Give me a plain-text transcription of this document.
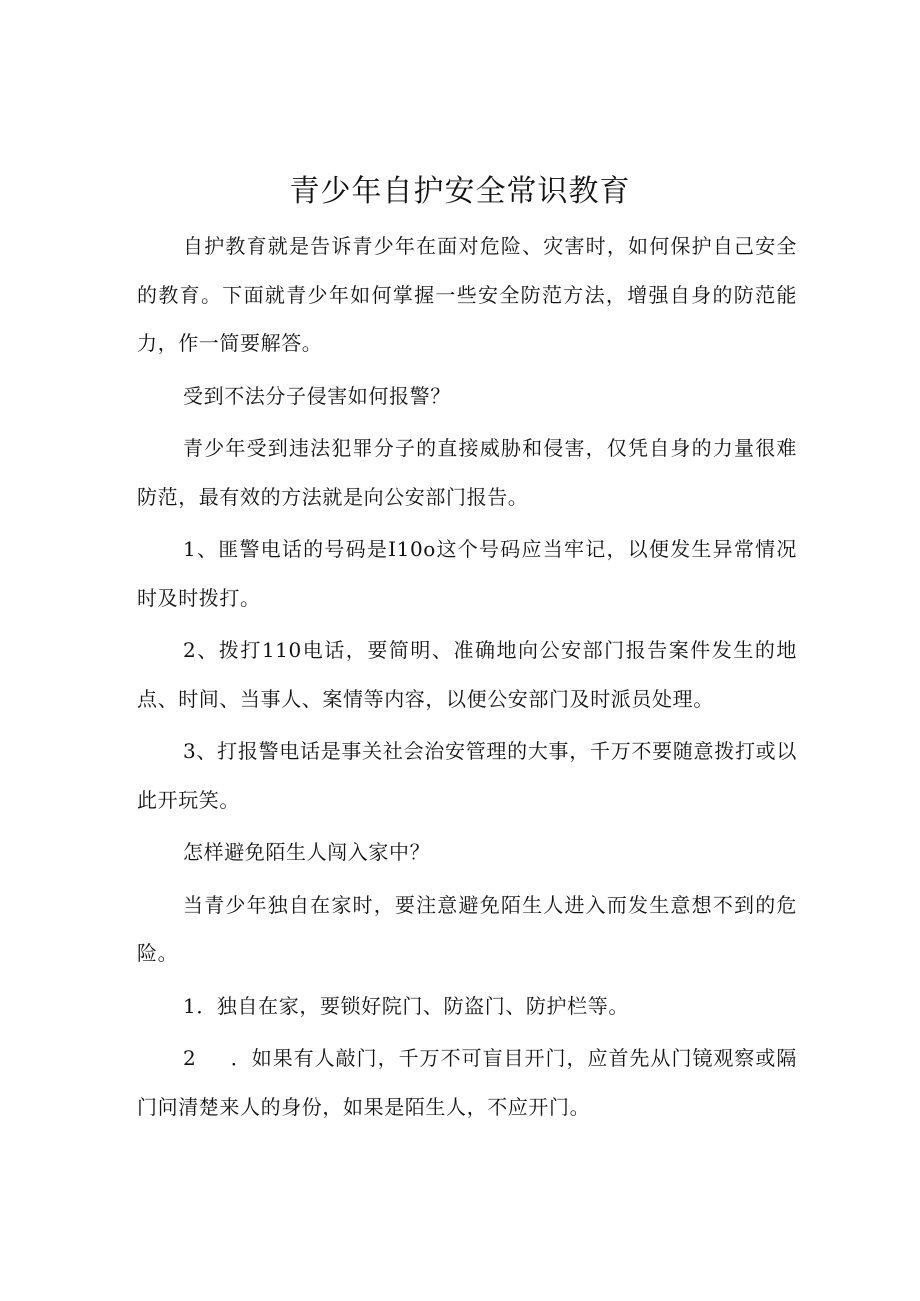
青少年自护安全常识教育

自护教育就是告诉青少年在面对危险、灾害时，如何保护自己安全的教育。下面就青少年如何掌握一些安全防范方法，增强自身的防范能力，作一简要解答。

受到不法分子侵害如何报警？

青少年受到违法犯罪分子的直接威胁和侵害，仅凭自身的力量很难防范，最有效的方法就是向公安部门报告。

1、匪警电话的号码是I10o这个号码应当牢记，以便发生异常情况时及时拨打。

2、拨打110电话，要简明、准确地向公安部门报告案件发生的地点、时间、当事人、案情等内容，以便公安部门及时派员处理。

3、打报警电话是事关社会治安管理的大事，千万不要随意拨打或以此开玩笑。

怎样避免陌生人闯入家中？

当青少年独自在家时，要注意避免陌生人进入而发生意想不到的危险。

1．独自在家，要锁好院门、防盗门、防护栏等。

2 ．如果有人敲门，千万不可盲目开门，应首先从门镜观察或隔门问清楚来人的身份，如果是陌生人，不应开门。
